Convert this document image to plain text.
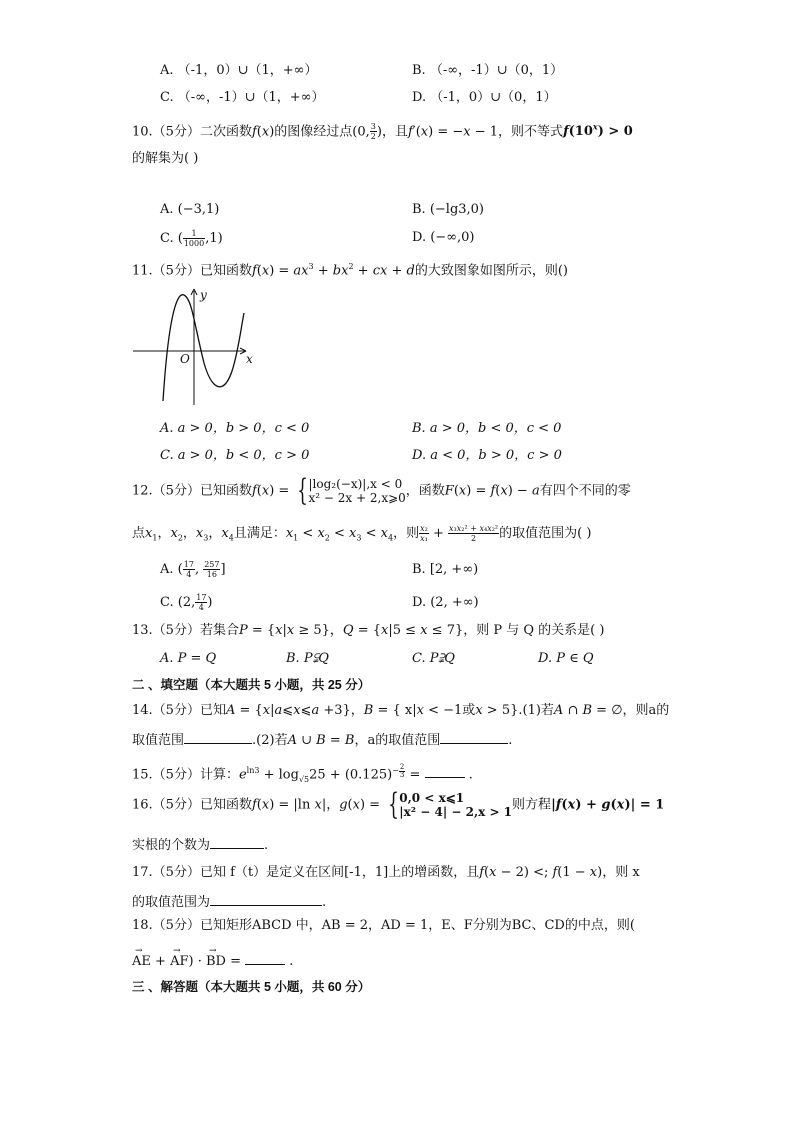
A. （-1，0）∪（1，+∞）	B. （-∞，-1）∪（0，1）
C. （-∞，-1）∪（1，+∞）	D. （-1，0）∪（0，1）
10.（5分）二次函数f(x)的图像经过点(0, $\frac{3}{2}$ )，且f′(x) = −x − 1，则不等式$f(10^x) > 0$
的解集为( )
A. (−3,1)	B. (−lg3,0)
C. ( $\frac{1}{1000} ,1$)	D. (−∞,0)
11.（5分）已知函数$f(x) = ax^3 + bx^2$ + cx + d的大致图象如图所示，则()
y
x
O
A. a > 0，b > 0，c < 0	B. a > 0，b < 0，c < 0
C. a > 0，b < 0，c > 0	D. a < 0，b > 0，c > 0
12.（5分）已知函数f(x) = { |log₂(−x)|,x < 0
x² − 2x + 2,x⩾0 ，函数F(x) = f(x) − a有四个不同的零
点$x_1$，$x_2$，$x_3$，$x_4$且满足：$x_1 < x_2 < x_3 < x_4$，则 $\frac{\text{x₂}}{\text{x₁}} + \frac{\text{x₃x₂² + x₄x₂²}}{2}$ 的取值范围为( )
A. ( $\frac{17}{4}$ , $\frac{257}{16}$ ]	B. [2, +∞)
C. (2, $\frac{17}{4}$ )	D. (2, +∞)
13.（5分）若集合P = {x|x ≥ 5}，Q = {x|5 ≤ x ≤ 7}，则 P 与 Q 的关系是( )
A. P = Q	B. P⫋Q	C. P⫌Q	D. P ∈ Q
二 、填空题（本大题共 5 小题，共 25 分）
14.（5分）已知A = {x|a⩽x⩽a +3}，B = { x|x < −1或x > 5}.(1)若A ∩ B = ∅，则a的
取值范围	.(2)若A ∪ B = B，a的取值范围	.
15.（5分）计算：$e^{ln3} + \log_{√5}25 + (0.125)^{- \frac{2}{3}}$ =	.
16.（5分）已知函数f(x) = |ln x|，g(x) = { 0,0 < x⩽1
|x² − 4| − 2,x > 1 则方程|f(x) + g(x)| = 1
实根的个数为	.
17.（5分）已知 f（t）是定义在区间[-1，1]上的增函数，且f(x − 2) <; f(1 − x)，则 x
的取值范围为	.
18.（5分）已知矩形ABCD 中，AB = 2，AD = 1，E、F分别为BC、CD的中点，则(
AE
→
+ AF
→
) · BD
→
=	.
三 、解答题（本大题共 5 小题，共 60 分）
